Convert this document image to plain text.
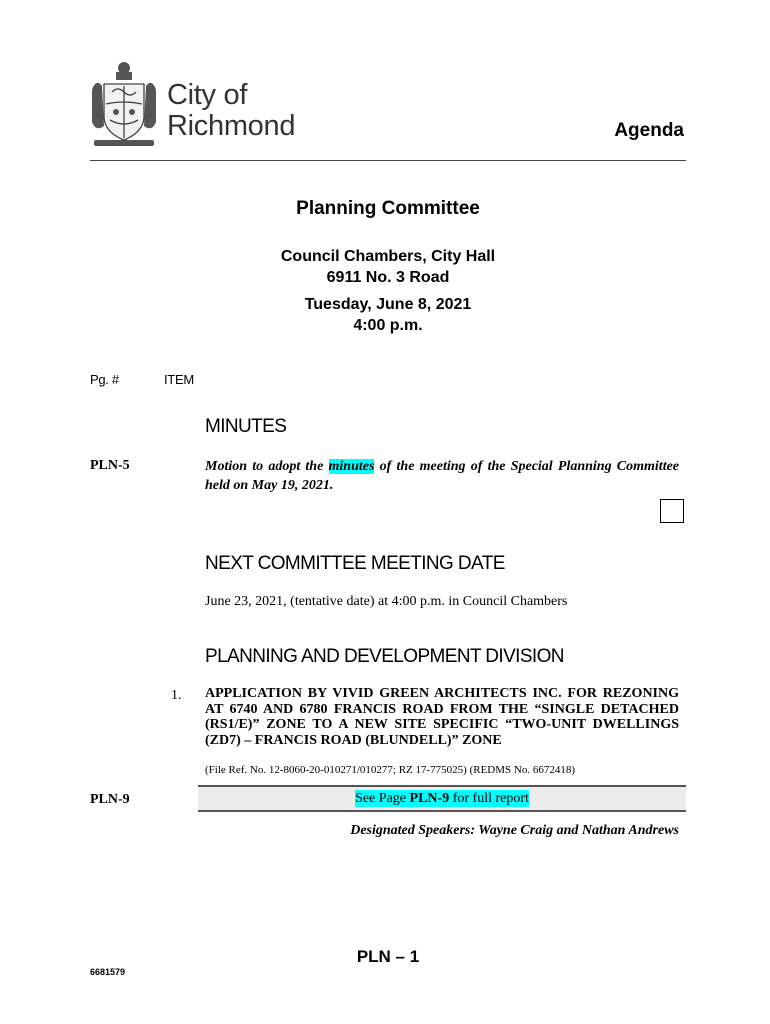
City of
Richmond	Agenda
Planning Committee
Council Chambers, City Hall
6911 No. 3 Road
Tuesday, June 8, 2021
4:00 p.m.
Pg. #	ITEM
MINUTES
PLN-5	Motion to adopt the minutes of the meeting of the Special Planning Committee held on May 19, 2021.
NEXT COMMITTEE MEETING DATE
June 23, 2021, (tentative date) at 4:00 p.m. in Council Chambers
PLANNING AND DEVELOPMENT DIVISION
1. APPLICATION BY VIVID GREEN ARCHITECTS INC. FOR REZONING AT 6740 AND 6780 FRANCIS ROAD FROM THE “SINGLE DETACHED (RS1/E)” ZONE TO A NEW SITE SPECIFIC “TWO-UNIT DWELLINGS (ZD7) – FRANCIS ROAD (BLUNDELL)” ZONE
(File Ref. No. 12-8060-20-010271/010277; RZ 17-775025) (REDMS No. 6672418)
PLN-9	See Page PLN-9 for full report
Designated Speakers: Wayne Craig and Nathan Andrews
PLN – 1
6681579
